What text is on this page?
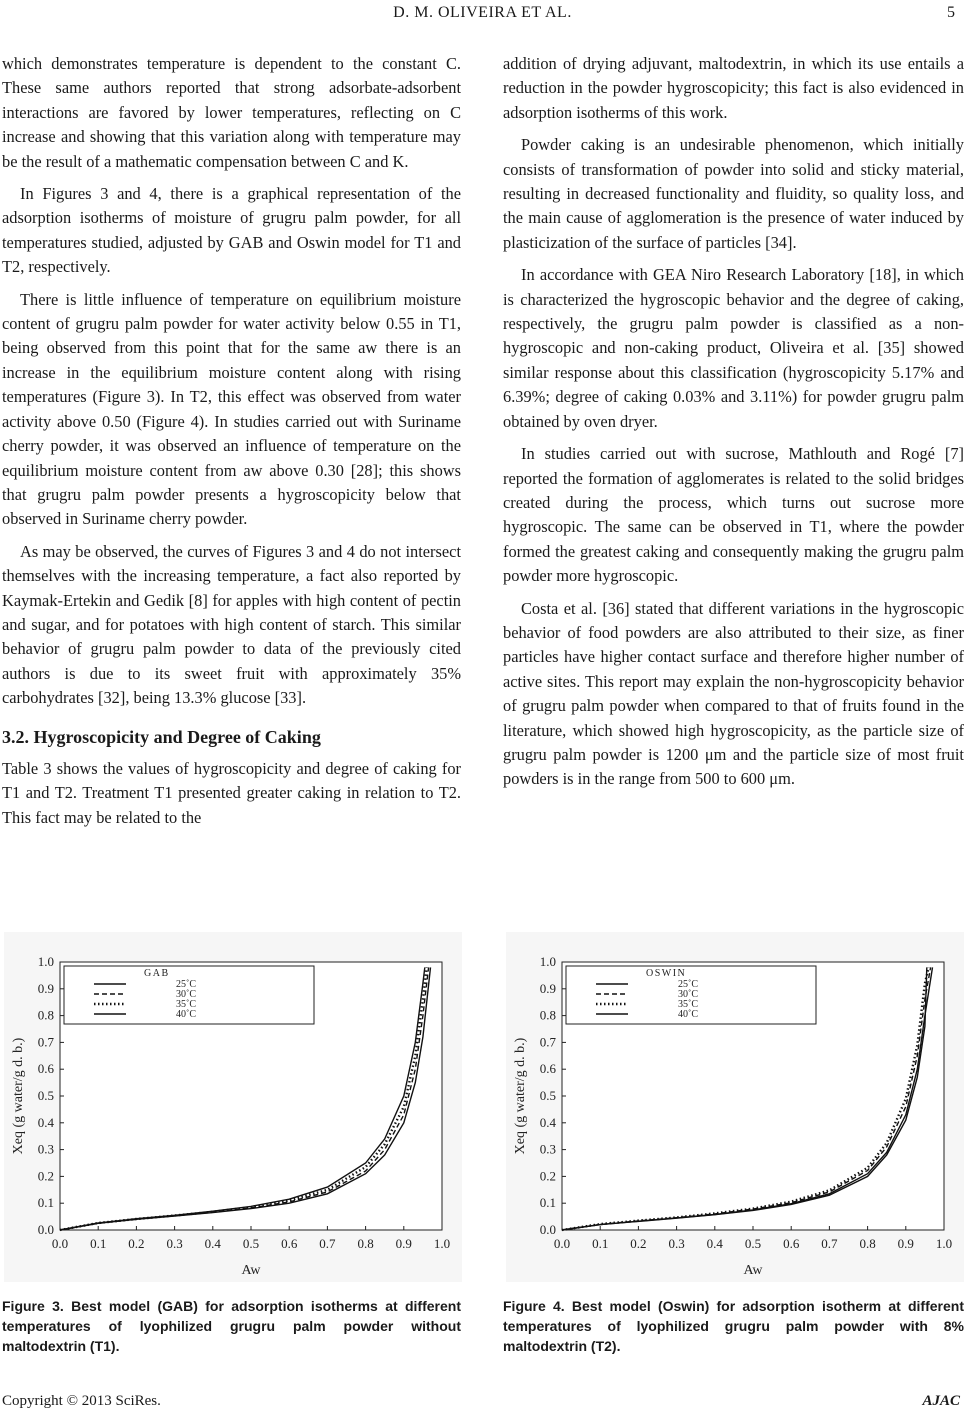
D. M. OLIVEIRA ET AL.	5

which demonstrates temperature is dependent to the constant C. These same authors reported that strong adsorbate-adsorbent interactions are favored by lower temperatures, reflecting on C increase and showing that this variation along with temperature may be the result of a mathematic compensation between C and K.

In Figures 3 and 4, there is a graphical representation of the adsorption isotherms of moisture of grugru palm powder, for all temperatures studied, adjusted by GAB and Oswin model for T1 and T2, respectively.

There is little influence of temperature on equilibrium moisture content of grugru palm powder for water activity below 0.55 in T1, being observed from this point that for the same aw there is an increase in the equilibrium moisture content along with rising temperatures (Figure 3). In T2, this effect was observed from water activity above 0.50 (Figure 4). In studies carried out with Suriname cherry powder, it was observed an influence of temperature on the equilibrium moisture content from aw above 0.30 [28]; this shows that grugru palm powder presents a hygroscopicity below that observed in Suriname cherry powder.

As may be observed, the curves of Figures 3 and 4 do not intersect themselves with the increasing temperature, a fact also reported by Kaymak-Ertekin and Gedik [8] for apples with high content of pectin and sugar, and for potatoes with high content of starch. This similar behavior of grugru palm powder to data of the previously cited authors is due to its sweet fruit with approximately 35% carbohydrates [32], being 13.3% glucose [33].

3.2. Hygroscopicity and Degree of Caking

Table 3 shows the values of hygroscopicity and degree of caking for T1 and T2. Treatment T1 presented greater caking in relation to T2. This fact may be related to the

addition of drying adjuvant, maltodextrin, in which its use entails a reduction in the powder hygroscopicity; this fact is also evidenced in adsorption isotherms of this work.

Powder caking is an undesirable phenomenon, which initially consists of transformation of powder into solid and sticky material, resulting in decreased functionality and fluidity, so quality loss, and the main cause of agglomeration is the presence of water induced by plasticization of the surface of particles [34].

In accordance with GEA Niro Research Laboratory [18], in which is characterized the hygroscopic behavior and the degree of caking, respectively, the grugru palm powder is classified as a non-hygroscopic and non-caking product, Oliveira et al. [35] showed similar response about this classification (hygroscopicity 5.17% and 6.39%; degree of caking 0.03% and 3.11%) for powder grugru palm obtained by oven dryer.

In studies carried out with sucrose, Mathlouth and Rogé [7] reported the formation of agglomerates is related to the solid bridges created during the process, which turns out sucrose more hygroscopic. The same can be observed in T1, where the powder formed the greatest caking and consequently making the grugru palm powder more hygroscopic.

Costa et al. [36] stated that different variations in the hygroscopic behavior of food powders are also attributed to their size, as finer particles have higher contact surface and therefore higher number of active sites. This report may explain the non-hygroscopicity behavior of grugru palm powder when compared to that of fruits found in the literature, which showed high hygroscopicity, as the particle size of grugru palm powder is 1200 μm and the particle size of most fruit powders is in the range from 500 to 600 μm.

0.0 0.1 0.2 0.3 0.4 0.5 0.6 0.7 0.8 0.9 1.0
0.0
0.1
0.2
0.3
0.4
0.5
0.6
0.7
0.8
0.9
1.0
Aw
Xeq (g water/g d. b.)
GAB
25˚C
30˚C
35˚C
40˚C
0.0 0.1 0.2 0.3 0.4 0.5 0.6 0.7 0.8 0.9 1.0
0.0
0.1
0.2
0.3
0.4
0.5
0.6
0.7
0.8
0.9
1.0
Aw
Xeq (g water/g d. b.)
OSWIN
25˚C
30˚C
35˚C
40˚C
Figure 3. Best model (GAB) for adsorption isotherms at different temperatures of lyophilized grugru palm powder without maltodextrin (T1).
Figure 4. Best model (Oswin) for adsorption isotherm at different temperatures of lyophilized grugru palm powder with 8% maltodextrin (T2).
Copyright © 2013 SciRes.	AJAC
